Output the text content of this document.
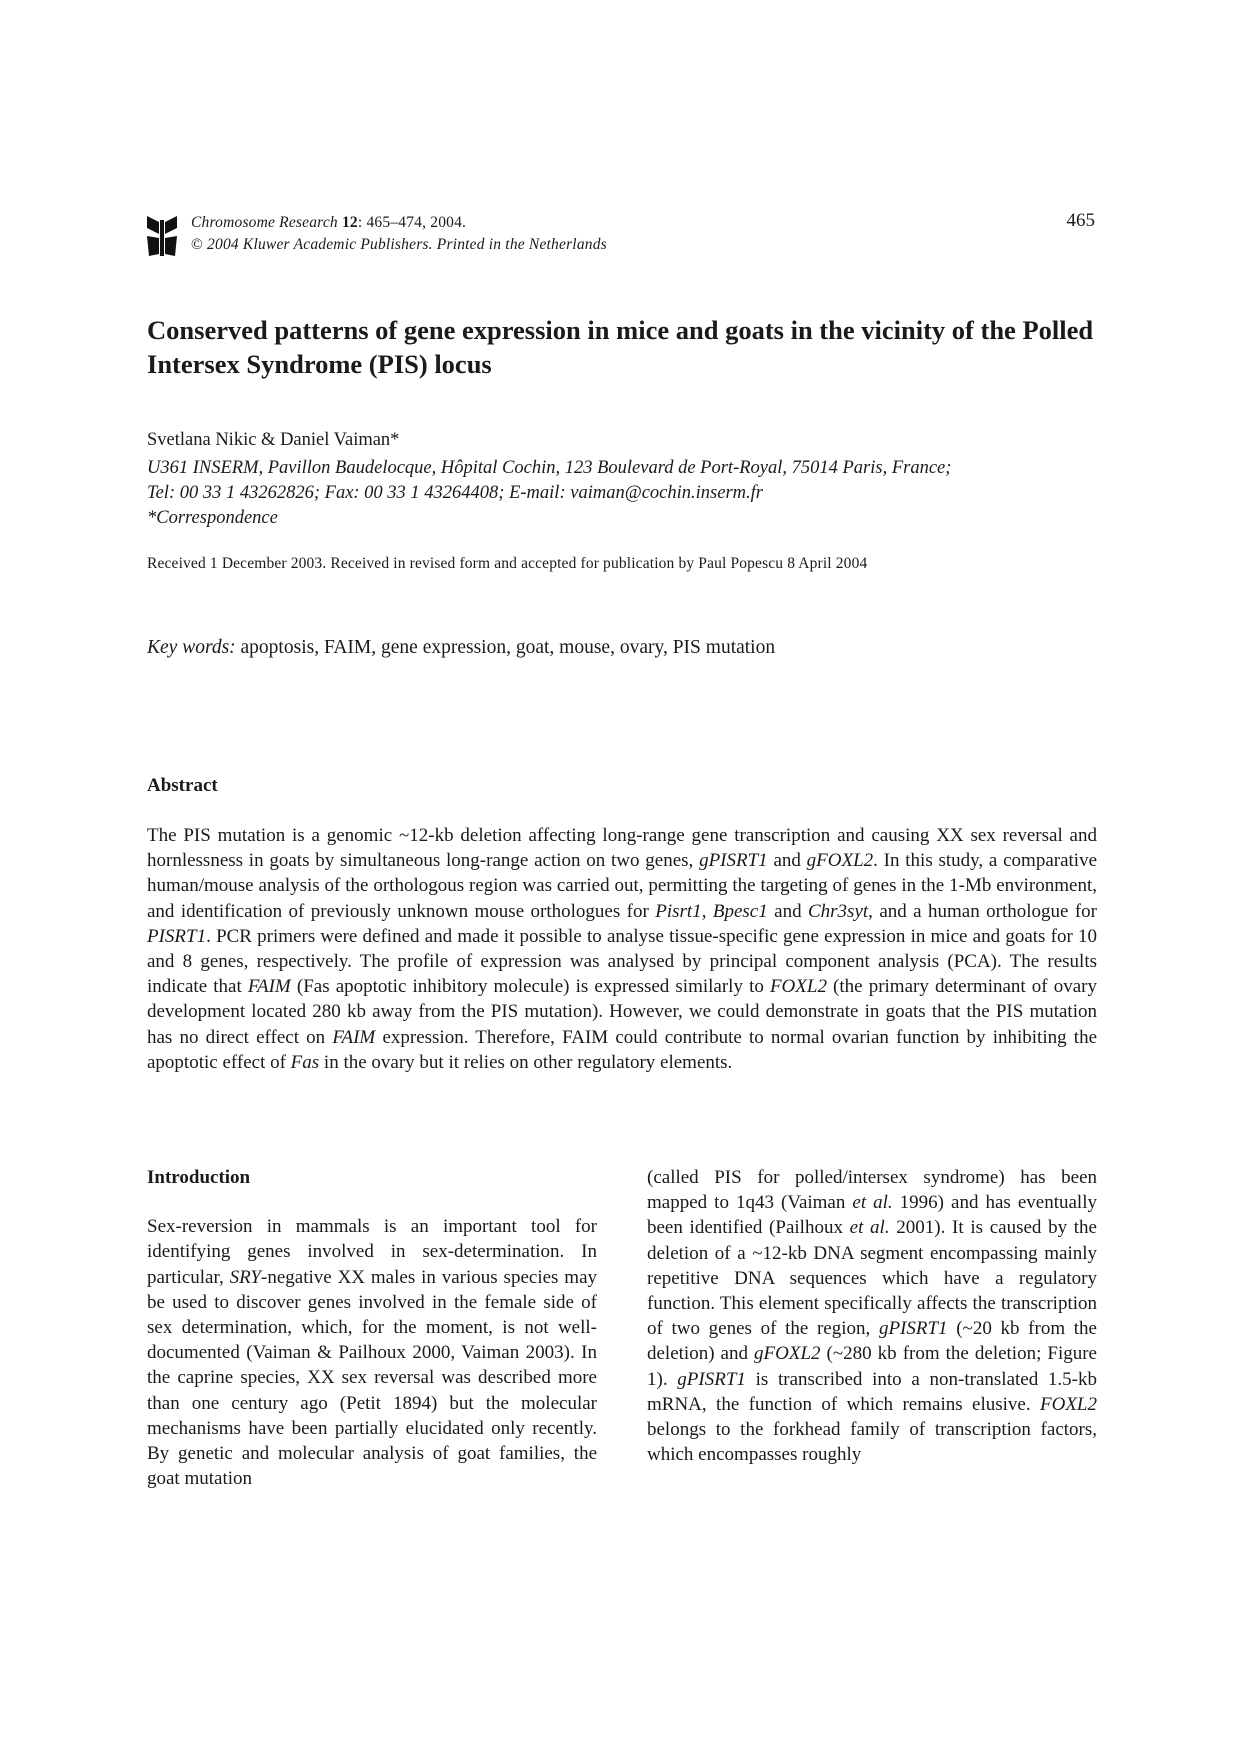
Chromosome Research 12: 465–474, 2004.
© 2004 Kluwer Academic Publishers. Printed in the Netherlands
465
Conserved patterns of gene expression in mice and goats in the vicinity of the Polled Intersex Syndrome (PIS) locus
Svetlana Nikic & Daniel Vaiman*
U361 INSERM, Pavillon Baudelocque, Hôpital Cochin, 123 Boulevard de Port-Royal, 75014 Paris, France;
Tel: 00 33 1 43262826; Fax: 00 33 1 43264408; E-mail: vaiman@cochin.inserm.fr
*Correspondence
Received 1 December 2003. Received in revised form and accepted for publication by Paul Popescu 8 April 2004
Key words: apoptosis, FAIM, gene expression, goat, mouse, ovary, PIS mutation
Abstract

The PIS mutation is a genomic ~12-kb deletion affecting long-range gene transcription and causing XX sex reversal and hornlessness in goats by simultaneous long-range action on two genes, gPISRT1 and gFOXL2. In this study, a comparative human/mouse analysis of the orthologous region was carried out, permitting the targeting of genes in the 1-Mb environment, and identification of previously unknown mouse orthologues for Pisrt1, Bpesc1 and Chr3syt, and a human orthologue for PISRT1. PCR primers were defined and made it possible to analyse tissue-specific gene expression in mice and goats for 10 and 8 genes, respectively. The profile of expression was analysed by principal component analysis (PCA). The results indicate that FAIM (Fas apoptotic inhibitory molecule) is expressed similarly to FOXL2 (the primary determinant of ovary development located 280 kb away from the PIS mutation). However, we could demonstrate in goats that the PIS mutation has no direct effect on FAIM expression. Therefore, FAIM could contribute to normal ovarian function by inhibiting the apoptotic effect of Fas in the ovary but it relies on other regulatory elements.

Introduction

Sex-reversion in mammals is an important tool for identifying genes involved in sex-determination. In particular, SRY-negative XX males in various species may be used to discover genes involved in the female side of sex determination, which, for the moment, is not well-documented (Vaiman & Pailhoux 2000, Vaiman 2003). In the caprine species, XX sex reversal was described more than one century ago (Petit 1894) but the molecular mechanisms have been partially elucidated only recently. By genetic and molecular analysis of goat families, the goat mutation

(called PIS for polled/intersex syndrome) has been mapped to 1q43 (Vaiman et al. 1996) and has eventually been identified (Pailhoux et al. 2001). It is caused by the deletion of a ~12-kb DNA segment encompassing mainly repetitive DNA sequences which have a regulatory function. This element specifically affects the transcription of two genes of the region, gPISRT1 (~20 kb from the deletion) and gFOXL2 (~280 kb from the deletion; Figure 1). gPISRT1 is transcribed into a non-translated 1.5-kb mRNA, the function of which remains elusive. FOXL2 belongs to the forkhead family of transcription factors, which encompasses roughly
